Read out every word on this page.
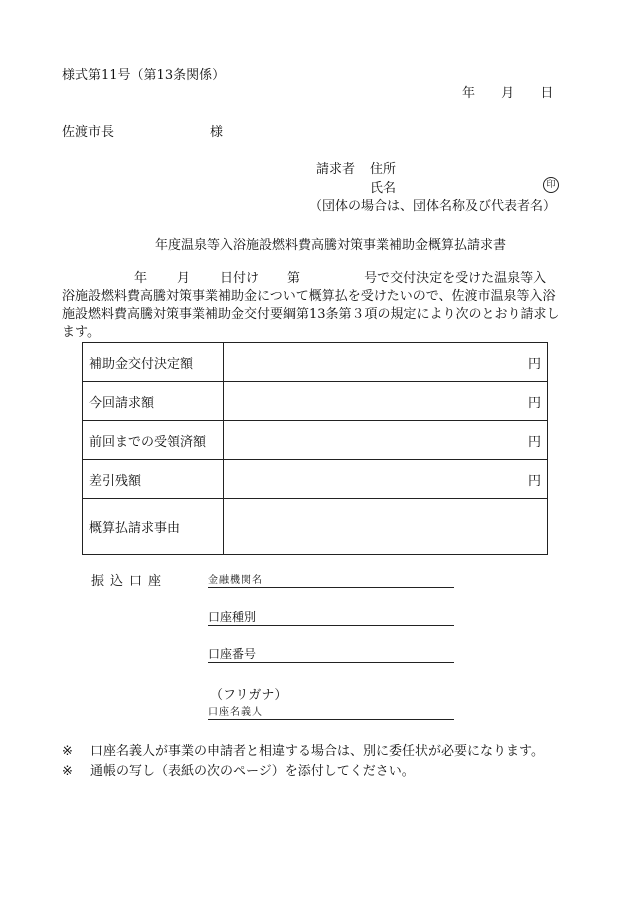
様式第11号（第13条関係）
年 月 日
佐渡市長	様
請求者 住所
氏名	印
（団体の場合は、団体名称及び代表者名）
年度温泉等入浴施設燃料費高騰対策事業補助金概算払請求書
年 月 日付け 第	号で交付決定を受けた温泉等入
浴施設燃料費高騰対策事業補助金について概算払を受けたいので、佐渡市温泉等入浴施設燃料費高騰対策事業補助金交付要綱第13条第３項の規定により次のとおり請求します。
補助金交付決定額	円
今回請求額	円
前回までの受領済額	円
差引残額	円
概算払請求事由	
振込口座	金融機関名
口座種別
口座番号
（フリガナ）
口座名義人
※ 口座名義人が事業の申請者と相違する場合は、別に委任状が必要になります。
※ 通帳の写し（表紙の次のページ）を添付してください。
